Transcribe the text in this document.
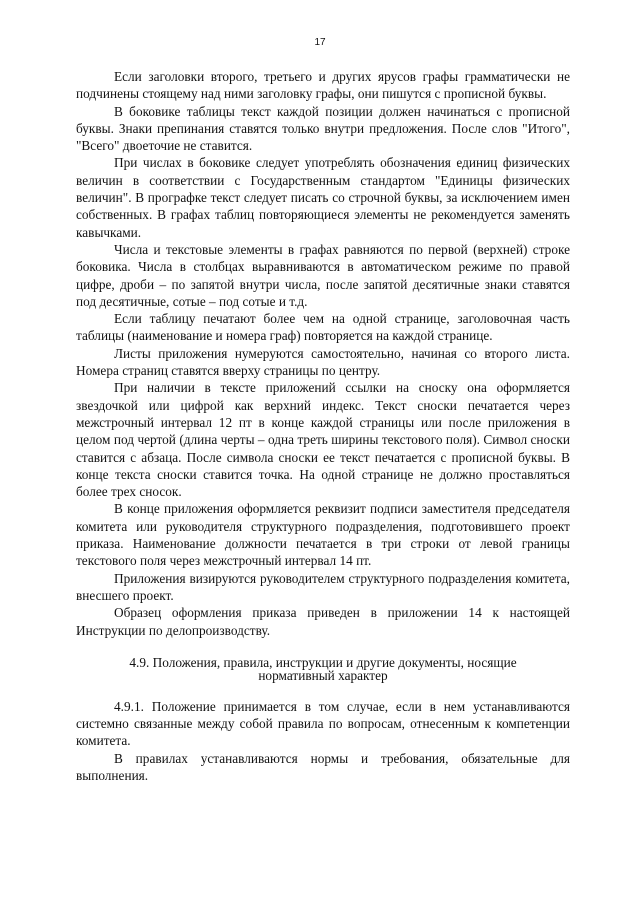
17

Если заголовки второго, третьего и других ярусов графы грамматически не подчинены стоящему над ними заголовку графы, они пишутся с прописной буквы.

В боковике таблицы текст каждой позиции должен начинаться с прописной буквы. Знаки препинания ставятся только внутри предложения. После слов "Итого", "Всего" двоеточие не ставится.

При числах в боковике следует употреблять обозначения единиц физических величин в соответствии с Государственным стандартом "Единицы физических величин". В прографке текст следует писать со строчной буквы, за исключением имен собственных. В графах таблиц повторяющиеся элементы не рекомендуется заменять кавычками.

Числа и текстовые элементы в графах равняются по первой (верхней) строке боковика. Числа в столбцах выравниваются в автоматическом режиме по правой цифре, дроби – по запятой внутри числа, после запятой десятичные знаки ставятся под десятичные, сотые – под сотые и т.д.

Если таблицу печатают более чем на одной странице, заголовочная часть таблицы (наименование и номера граф) повторяется на каждой странице.

Листы приложения нумеруются самостоятельно, начиная со второго листа. Номера страниц ставятся вверху страницы по центру.

При наличии в тексте приложений ссылки на сноску она оформляется звездочкой или цифрой как верхний индекс. Текст сноски печатается через межстрочный интервал 12 пт в конце каждой страницы или после приложения в целом под чертой (длина черты – одна треть ширины текстового поля). Символ сноски ставится с абзаца. После символа сноски ее текст печатается с прописной буквы. В конце текста сноски ставится точка. На одной странице не должно проставляться более трех сносок.

В конце приложения оформляется реквизит подписи заместителя председателя комитета или руководителя структурного подразделения, подготовившего проект приказа. Наименование должности печатается в три строки от левой границы текстового поля через межстрочный интервал 14 пт.

Приложения визируются руководителем структурного подразделения комитета, внесшего проект.

Образец оформления приказа приведен в приложении 14 к настоящей Инструкции по делопроизводству.

4.9. Положения, правила, инструкции и другие документы, носящие
нормативный характер

4.9.1. Положение принимается в том случае, если в нем устанавливаются системно связанные между собой правила по вопросам, отнесенным к компетенции комитета.

В правилах устанавливаются нормы и требования, обязательные для выполнения.
